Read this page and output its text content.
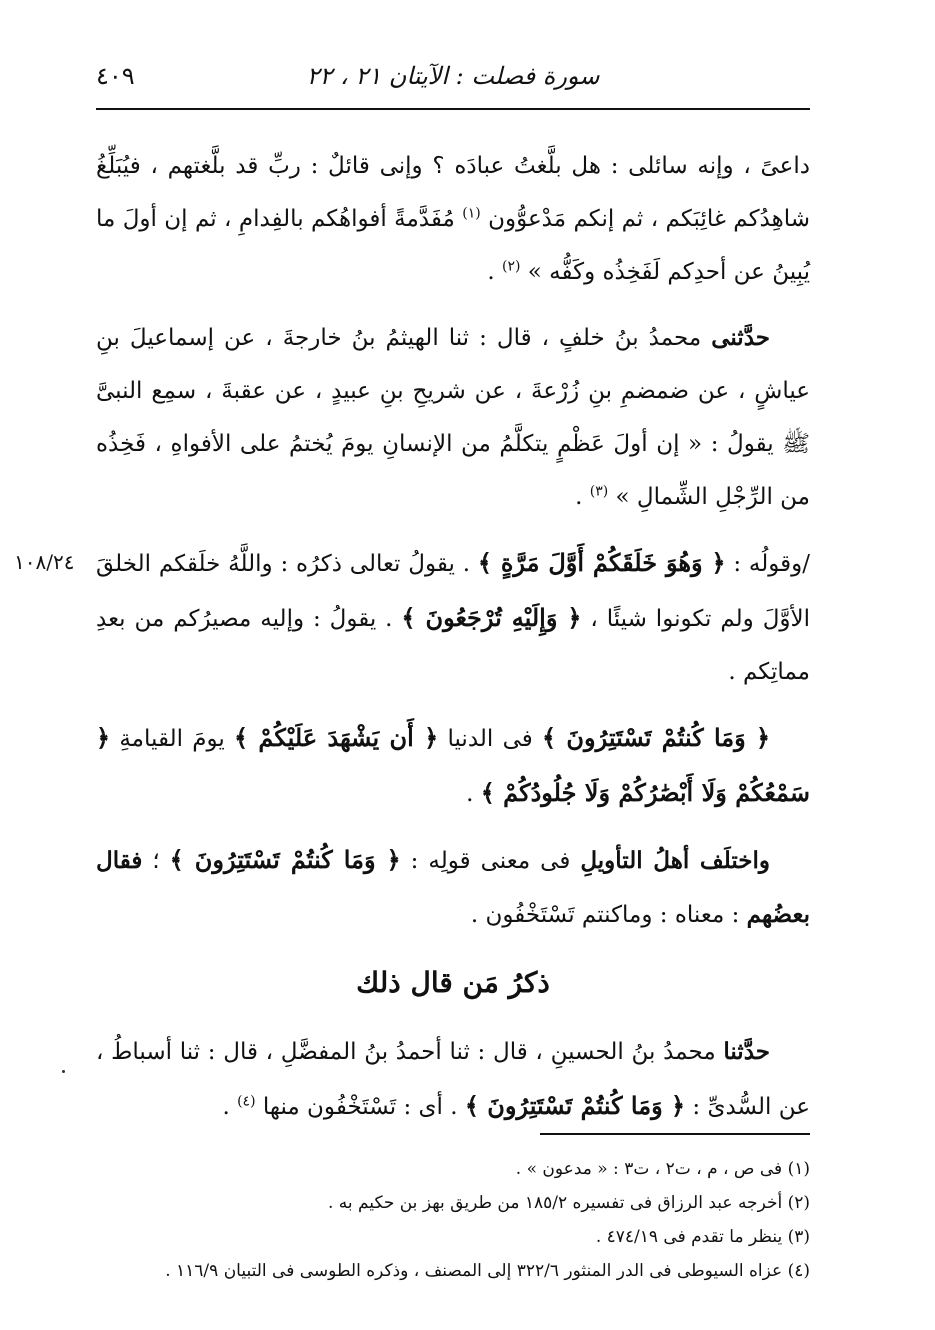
سورة فصلت : الآيتان ٢١ ، ٢٢
٤٠٩
١٠٨/٢٤

داعىً ، وإنه سائلى : هل بلَّغتُ عبادَه ؟ وإنى قائلٌ : ربِّ قد بلَّغتهم ، فيُبَلِّغُ شاهِدُكم غائِبَكم ، ثم إنكم مَدْعوُّون $^{(١)}$ مُفَدَّمةً أفواهُكم بالفِدامِ ، ثم إن أولَ ما يُبِينُ عن أحدِكم لَفَخِذُه وكَفُّه » $^{(٢)}$ .

حدَّثنى محمدُ بنُ خلفٍ ، قال : ثنا الهيثمُ بنُ خارجةَ ، عن إسماعيلَ بنِ عياشٍ ، عن ضمضمِ بنِ زُرْعةَ ، عن شريحِ بنِ عبيدٍ ، عن عقبةَ ، سمِع النبىَّ ﷺ يقولُ : « إن أولَ عَظْمٍ يتكلَّمُ من الإنسانِ يومَ يُختمُ على الأفواهِ ، فَخِذُه من الرِّجْلِ الشِّمالِ » $^{(٣)}$ .

/وقولُه : ﴿ وَهُوَ خَلَقَكُمْ أَوَّلَ مَرَّةٍ ﴾ . يقولُ تعالى ذكرُه : واللَّهُ خلَقكم الخلقَ الأوَّلَ ولم تكونوا شيئًا ، ﴿ وَإِلَيْهِ تُرْجَعُونَ ﴾ . يقولُ : وإليه مصيرُكم من بعدِ مماتِكم .

﴿ وَمَا كُنتُمْ تَسْتَتِرُونَ ﴾ فى الدنيا ﴿ أَن يَشْهَدَ عَلَيْكُمْ ﴾ يومَ القيامةِ ﴿ سَمْعُكُمْ وَلَا أَبْصَٰرُكُمْ وَلَا جُلُودُكُمْ ﴾ .

واختلَف أهلُ التأويلِ فى معنى قولِه : ﴿ وَمَا كُنتُمْ تَسْتَتِرُونَ ﴾ ؛ فقال بعضُهم : معناه : وماكنتم تَسْتَخْفُون .

ذكرُ مَن قال ذلك

حدَّثنا محمدُ بنُ الحسينِ ، قال : ثنا أحمدُ بنُ المفضَّلِ ، قال : ثنا أسباطُ ، عن السُّدىِّ : ﴿ وَمَا كُنتُمْ تَسْتَتِرُونَ ﴾ . أى : تَسْتَخْفُون منها $^{(٤)}$ .

(١) فى ص ، م ، ت٢ ، ت٣ : « مدعون » .
(٢) أخرجه عبد الرزاق فى تفسيره ١٨٥/٢ من طريق بهز بن حكيم به .
(٣) ينظر ما تقدم فى ٤٧٤/١٩ .
(٤) عزاه السيوطى فى الدر المنثور ٣٢٢/٦ إلى المصنف ، وذكره الطوسى فى التبيان ١١٦/٩ .
